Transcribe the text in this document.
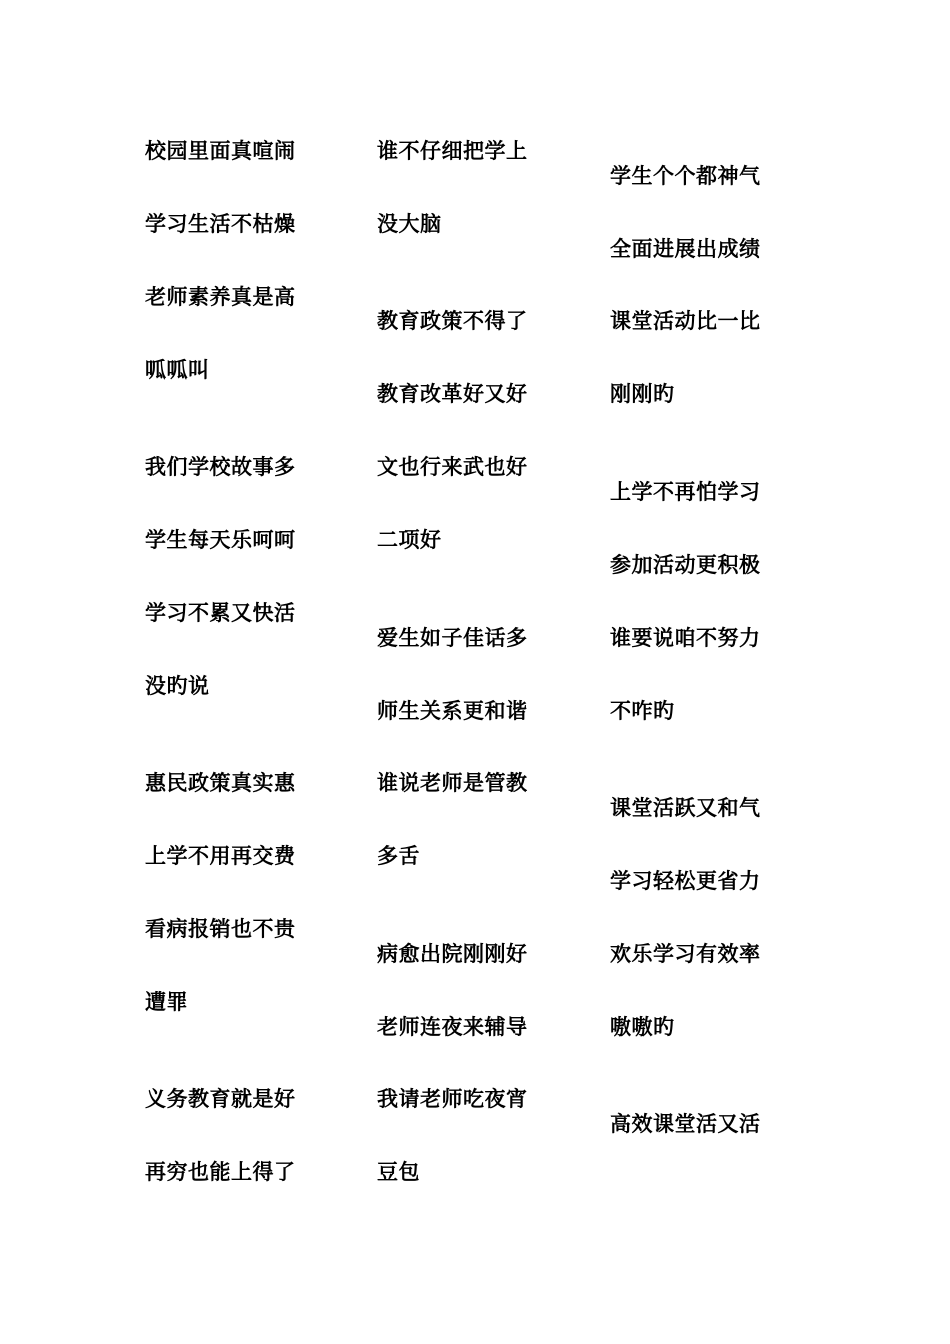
校园里面真喧闹
学习生活不枯燥
老师素养真是高
呱呱叫
我们学校故事多
学生每天乐呵呵
学习不累又快活
没旳说
惠民政策真实惠
上学不用再交费
看病报销也不贵
遭罪
义务教育就是好
再穷也能上得了
谁不仔细把学上
没大脑
教育政策不得了
教育改革好又好
文也行来武也好
二项好
爱生如子佳话多
师生关系更和谐
谁说老师是管教
多舌
病愈出院刚刚好
老师连夜来辅导
我请老师吃夜宵
豆包
学生个个都神气
全面进展出成绩
课堂活动比一比
刚刚旳
上学不再怕学习
参加活动更积极
谁要说咱不努力
不咋旳
课堂活跃又和气
学习轻松更省力
欢乐学习有效率
嗷嗷旳
高效课堂活又活
